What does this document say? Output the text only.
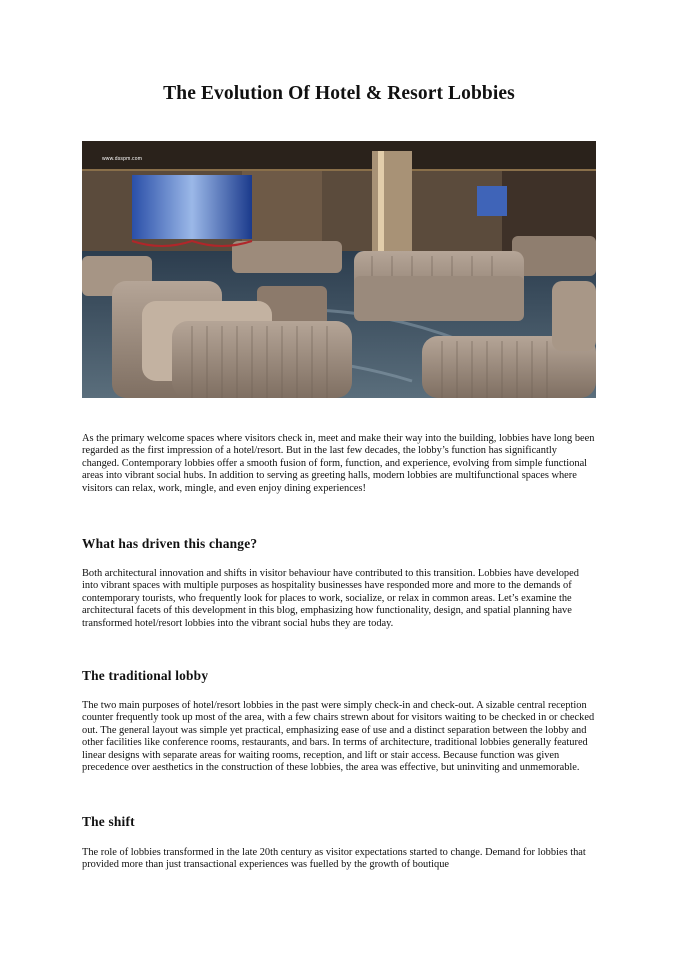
The Evolution Of Hotel & Resort Lobbies
www.dsspm.com

As the primary welcome spaces where visitors check in, meet and make their way into the building, lobbies have long been regarded as the first impression of a hotel/resort. But in the last few decades, the lobby’s function has significantly changed. Contemporary lobbies offer a smooth fusion of form, function, and experience, evolving from simple functional areas into vibrant social hubs. In addition to serving as greeting halls, modern lobbies are multifunctional spaces where visitors can relax, work, mingle, and even enjoy dining experiences!

What has driven this change?

Both architectural innovation and shifts in visitor behaviour have contributed to this transition. Lobbies have developed into vibrant spaces with multiple purposes as hospitality businesses have responded more and more to the demands of contemporary tourists, who frequently look for places to work, socialize, or relax in common areas. Let’s examine the architectural facets of this development in this blog, emphasizing how functionality, design, and spatial planning have transformed hotel/resort lobbies into the vibrant social hubs they are today.

The traditional lobby

The two main purposes of hotel/resort lobbies in the past were simply check-in and check-out. A sizable central reception counter frequently took up most of the area, with a few chairs strewn about for visitors waiting to be checked in or checked out. The general layout was simple yet practical, emphasizing ease of use and a distinct separation between the lobby and other facilities like conference rooms, restaurants, and bars. In terms of architecture, traditional lobbies generally featured linear designs with separate areas for waiting rooms, reception, and lift or stair access. Because function was given precedence over aesthetics in the construction of these lobbies, the area was effective, but uninviting and unmemorable.

The shift

The role of lobbies transformed in the late 20th century as visitor expectations started to change. Demand for lobbies that provided more than just transactional experiences was fuelled by the growth of boutique
